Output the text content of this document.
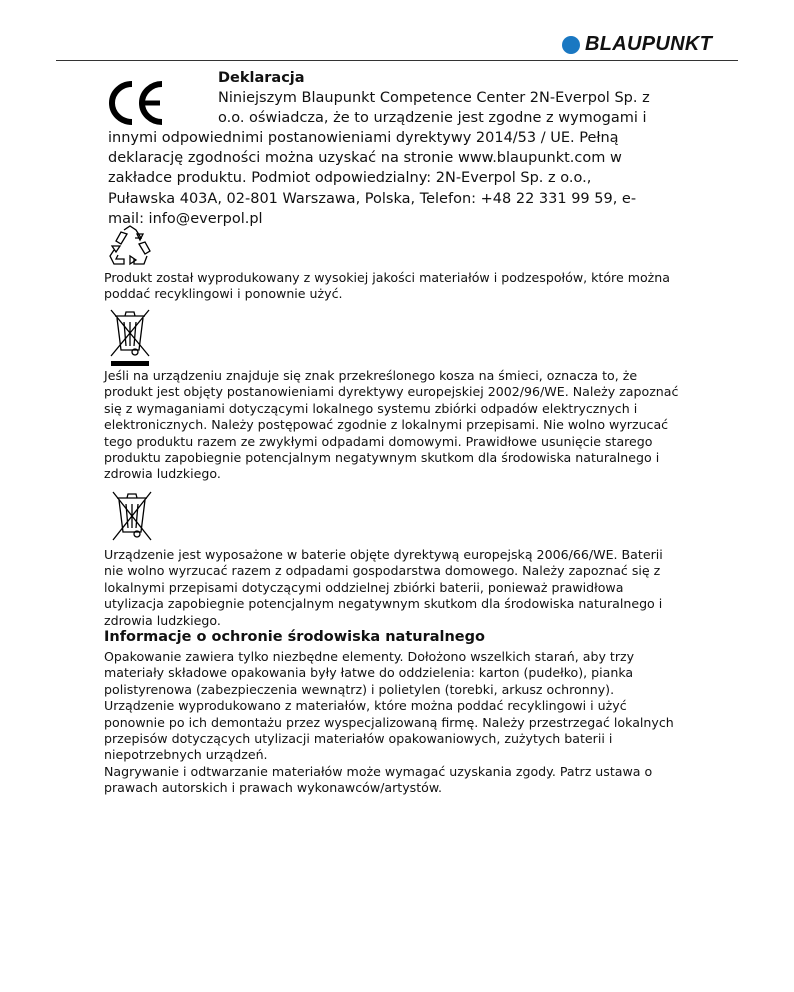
BLAUPUNKT
Deklaracja
Niniejszym Blaupunkt Competence Center 2N-Everpol Sp. z
o.o. oświadcza, że to urządzenie jest zgodne z wymogami i
innymi odpowiednimi postanowieniami dyrektywy 2014/53 / UE. Pełną deklarację zgodności można uzyskać na stronie www.blaupunkt.com w zakładce produktu. Podmiot odpowiedzialny: 2N-Everpol Sp. z o.o., Puławska 403A, 02-801 Warszawa, Polska, Telefon: +48 22 331 99 59, e-mail: info@everpol.pl
Produkt został wyprodukowany z wysokiej jakości materiałów i podzespołów, które można poddać recyklingowi i ponownie użyć.
Jeśli na urządzeniu znajduje się znak przekreślonego kosza na śmieci, oznacza to, że produkt jest objęty postanowieniami dyrektywy europejskiej 2002/96/WE. Należy zapoznać się z wymaganiami dotyczącymi lokalnego systemu zbiórki odpadów elektrycznych i elektronicznych. Należy postępować zgodnie z lokalnymi przepisami. Nie wolno wyrzucać tego produktu razem ze zwykłymi odpadami domowymi. Prawidłowe usunięcie starego produktu zapobiegnie potencjalnym negatywnym skutkom dla środowiska naturalnego i zdrowia ludzkiego.
Urządzenie jest wyposażone w baterie objęte dyrektywą europejską 2006/66/WE. Baterii nie wolno wyrzucać razem z odpadami gospodarstwa domowego. Należy zapoznać się z lokalnymi przepisami dotyczącymi oddzielnej zbiórki baterii, ponieważ prawidłowa utylizacja zapobiegnie potencjalnym negatywnym skutkom dla środowiska naturalnego i zdrowia ludzkiego.
Informacje o ochronie środowiska naturalnego
Opakowanie zawiera tylko niezbędne elementy. Dołożono wszelkich starań, aby trzy materiały składowe opakowania były łatwe do oddzielenia: karton (pudełko), pianka polistyrenowa (zabezpieczenia wewnątrz) i polietylen (torebki, arkusz ochronny). Urządzenie wyprodukowano z materiałów, które można poddać recyklingowi i użyć ponownie po ich demontażu przez wyspecjalizowaną firmę. Należy przestrzegać lokalnych przepisów dotyczących utylizacji materiałów opakowaniowych, zużytych baterii i niepotrzebnych urządzeń.
Nagrywanie i odtwarzanie materiałów może wymagać uzyskania zgody. Patrz ustawa o prawach autorskich i prawach wykonawców/artystów.
